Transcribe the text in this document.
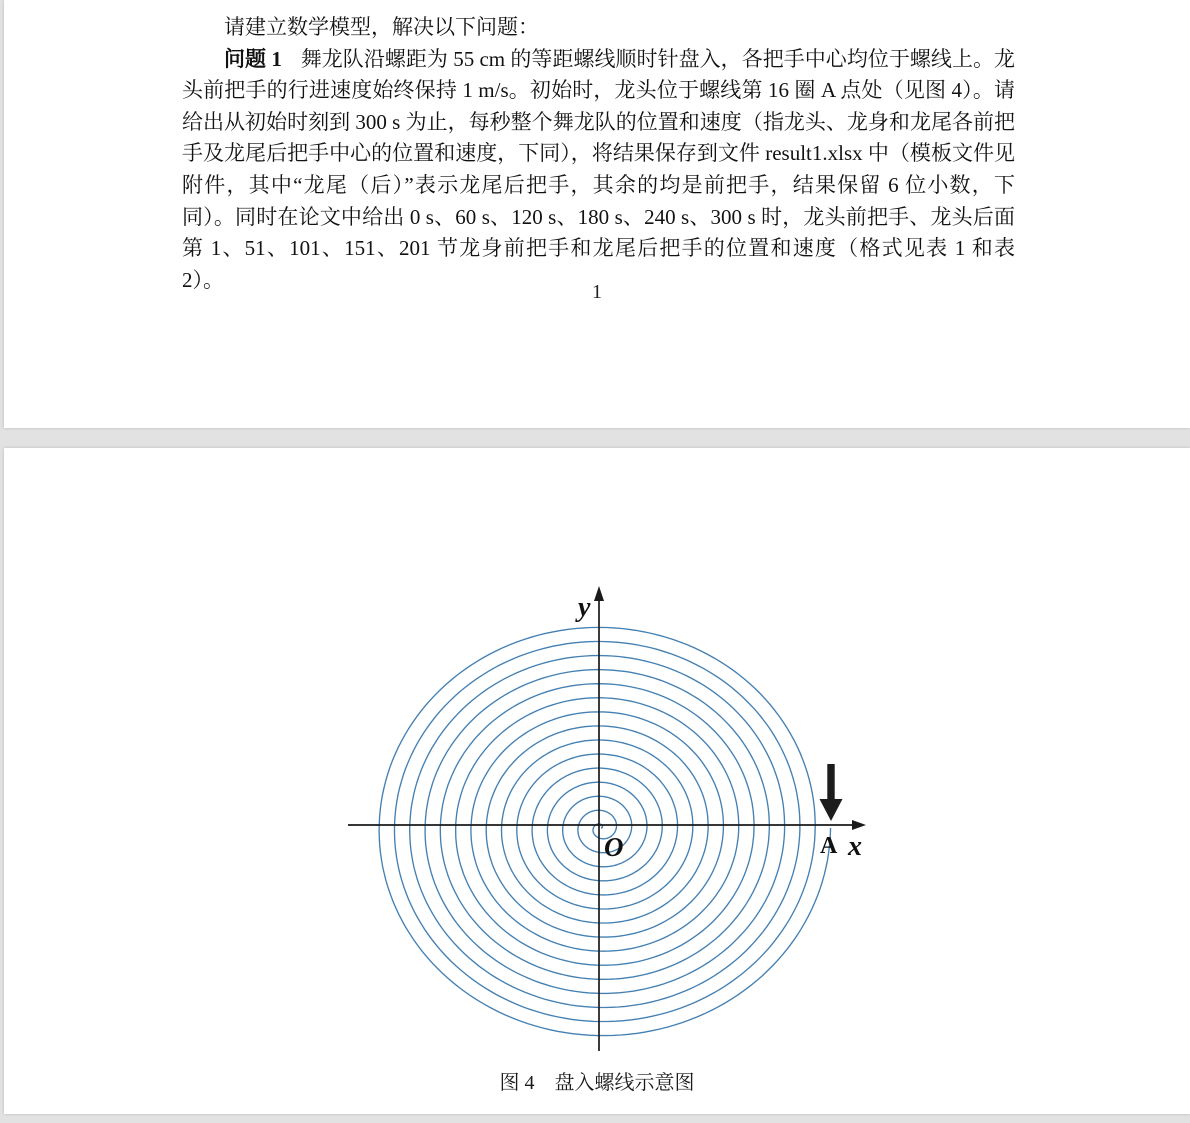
请建立数学模型，解决以下问题：

问题 1 舞龙队沿螺距为 55 cm 的等距螺线顺时针盘入，各把手中心均位于螺线上。龙头前把手的行进速度始终保持 1 m/s。初始时，龙头位于螺线第 16 圈 A 点处（见图 4）。请给出从初始时刻到 300 s 为止，每秒整个舞龙队的位置和速度（指龙头、龙身和龙尾各前把手及龙尾后把手中心的位置和速度，下同），将结果保存到文件 result1.xlsx 中（模板文件见附件，其中“龙尾（后）”表示龙尾后把手，其余的均是前把手，结果保留 6 位小数，下同）。同时在论文中给出 0 s、60 s、120 s、180 s、240 s、300 s 时，龙头前把手、龙头后面第 1、51、101、151、201 节龙身前把手和龙尾后把手的位置和速度（格式见表 1 和表 2）。

1
y
x
O	A
图 4 盘入螺线示意图
